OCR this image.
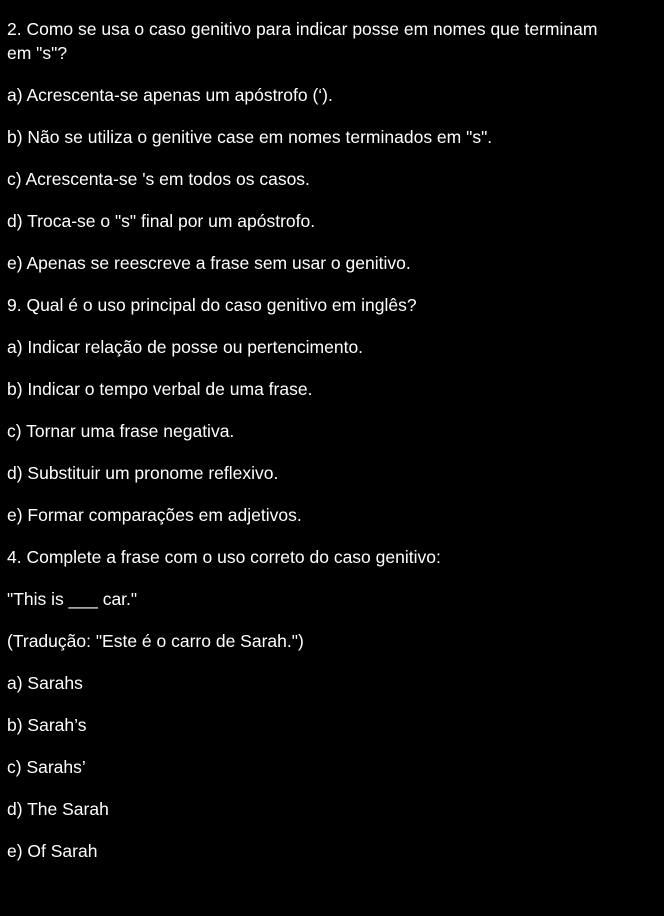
2. Como se usa o caso genitivo para indicar posse em nomes que terminam

em "s"?

a) Acrescenta-se apenas um apóstrofo (‘).

b) Não se utiliza o genitive case em nomes terminados em "s".

c) Acrescenta-se 's em todos os casos.

d) Troca-se o "s" final por um apóstrofo.

e) Apenas se reescreve a frase sem usar o genitivo.

9. Qual é o uso principal do caso genitivo em inglês?

a) Indicar relação de posse ou pertencimento.

b) Indicar o tempo verbal de uma frase.

c) Tornar uma frase negativa.

d) Substituir um pronome reflexivo.

e) Formar comparações em adjetivos.

4. Complete a frase com o uso correto do caso genitivo:

"This is ___ car."

(Tradução: "Este é o carro de Sarah.")

a) Sarahs

b) Sarah’s

c) Sarahs’

d) The Sarah

e) Of Sarah
